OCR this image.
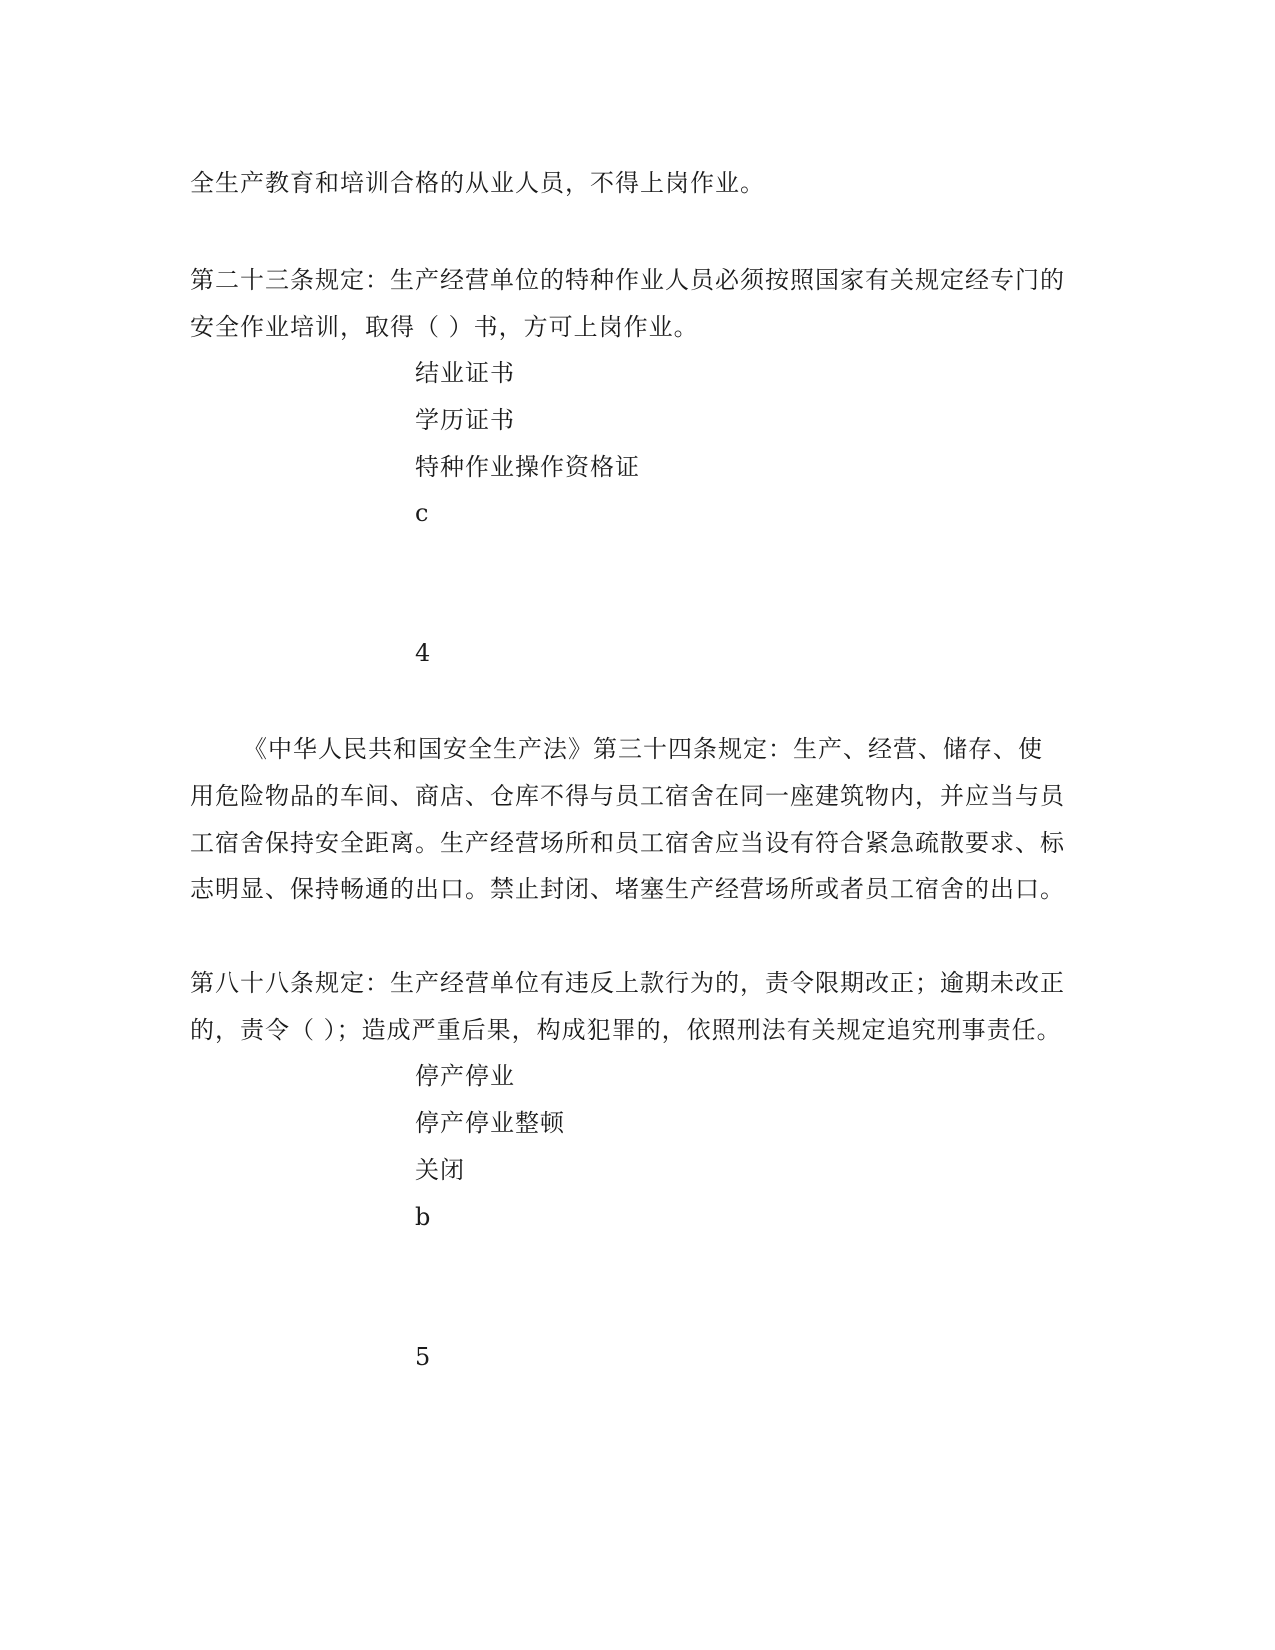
全生产教育和培训合格的从业人员，不得上岗作业。
第二十三条规定：生产经营单位的特种作业人员必须按照国家有关规定经专门的
安全作业培训，取得（ ）书，方可上岗作业。
结业证书
学历证书
特种作业操作资格证
c
4
《中华人民共和国安全生产法》第三十四条规定：生产、经营、储存、使
用危险物品的车间、商店、仓库不得与员工宿舍在同一座建筑物内，并应当与员
工宿舍保持安全距离。生产经营场所和员工宿舍应当设有符合紧急疏散要求、标
志明显、保持畅通的出口。禁止封闭、堵塞生产经营场所或者员工宿舍的出口。
第八十八条规定：生产经营单位有违反上款行为的，责令限期改正；逾期未改正
的，责令（ ）；造成严重后果，构成犯罪的，依照刑法有关规定追究刑事责任。
停产停业
停产停业整顿
关闭
b
5
